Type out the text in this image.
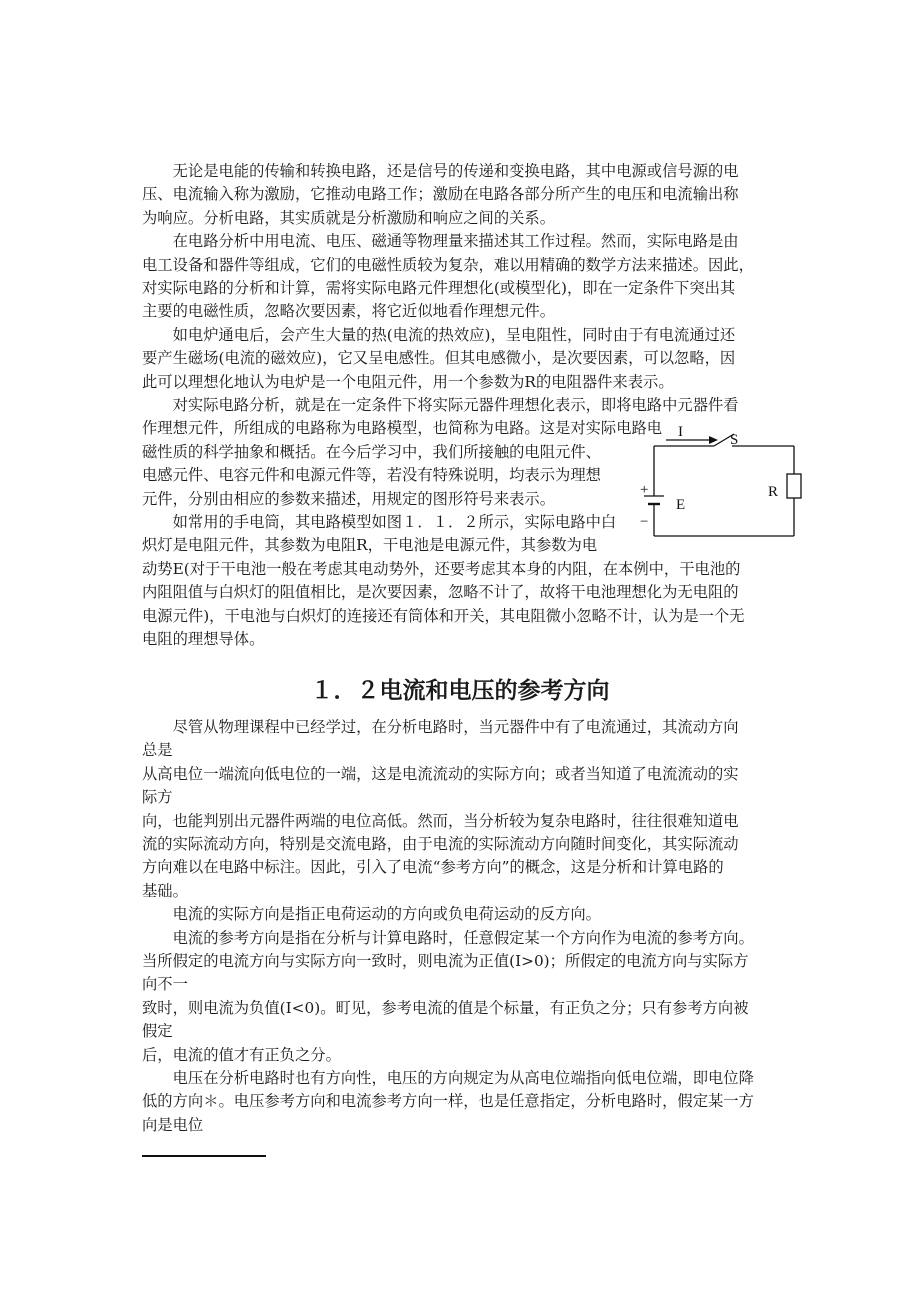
　　无论是电能的传输和转换电路，还是信号的传递和变换电路，其中电源或信号源的电
压、电流输入称为激励，它推动电路工作；激励在电路各部分所产生的电压和电流输出称
为响应。分析电路，其实质就是分析激励和响应之间的关系。
　　在电路分析中用电流、电压、磁通等物理量来描述其工作过程。然而，实际电路是由
电工设备和器件等组成，它们的电磁性质较为复杂，难以用精确的数学方法来描述。因此，
对实际电路的分析和计算，需将实际电路元件理想化(或模型化)，即在一定条件下突出其
主要的电磁性质，忽略次要因素，将它近似地看作理想元件。
　　如电炉通电后，会产生大量的热(电流的热效应)，呈电阻性，同时由于有电流通过还
要产生磁场(电流的磁效应)，它又呈电感性。但其电感微小，是次要因素，可以忽略，因
此可以理想化地认为电炉是一个电阻元件，用一个参数为R的电阻器件来表示。
　　对实际电路分析，就是在一定条件下将实际元器件理想化表示，即将电路中元器件看
作理想元件，所组成的电路称为电路模型，也简称为电路。这是对实际电路电
磁性质的科学抽象和概括。在今后学习中，我们所接触的电阻元件、
电感元件、电容元件和电源元件等，若没有特殊说明，均表示为理想
元件，分别由相应的参数来描述，用规定的图形符号来表示。
　　如常用的手电筒，其电路模型如图１．１．２所示，实际电路中白
炽灯是电阻元件，其参数为电阻R，干电池是电源元件，其参数为电
动势E(对于干电池一般在考虑其电动势外，还要考虑其本身的内阻，在本例中，干电池的
内阻阻值与白炽灯的阻值相比，是次要因素，忽略不计了，故将干电池理想化为无电阻的
电源元件)，干电池与白炽灯的连接还有筒体和开关，其电阻微小忽略不计，认为是一个无
电阻的理想导体。
１．２电流和电压的参考方向
　　尽管从物理课程中已经学过，在分析电路时，当元器件中有了电流通过，其流动方向
总是
从高电位一端流向低电位的一端，这是电流流动的实际方向；或者当知道了电流流动的实
际方
向，也能判别出元器件两端的电位高低。然而，当分析较为复杂电路时，往往很难知道电
流的实际流动方向，特别是交流电路，由于电流的实际流动方向随时间变化，其实际流动
方向难以在电路中标注。因此，引入了电流“参考方向”的概念，这是分析和计算电路的
基础。
　　电流的实际方向是指正电荷运动的方向或负电荷运动的反方向。
　　电流的参考方向是指在分析与计算电路时，任意假定某一个方向作为电流的参考方向。
当所假定的电流方向与实际方向一致时，则电流为正值(I>0)；所假定的电流方向与实际方
向不一
致时，则电流为负值(I<0)。町见，参考电流的值是个标量，有正负之分；只有参考方向被
假定
后，电流的值才有正负之分。
　　电压在分析电路时也有方向性，电压的方向规定为从高电位端指向低电位端，即电位降
低的方向＊。电压参考方向和电流参考方向一样，也是任意指定，分析电路时，假定某一方
向是电位
I	S
R
E
+
−
